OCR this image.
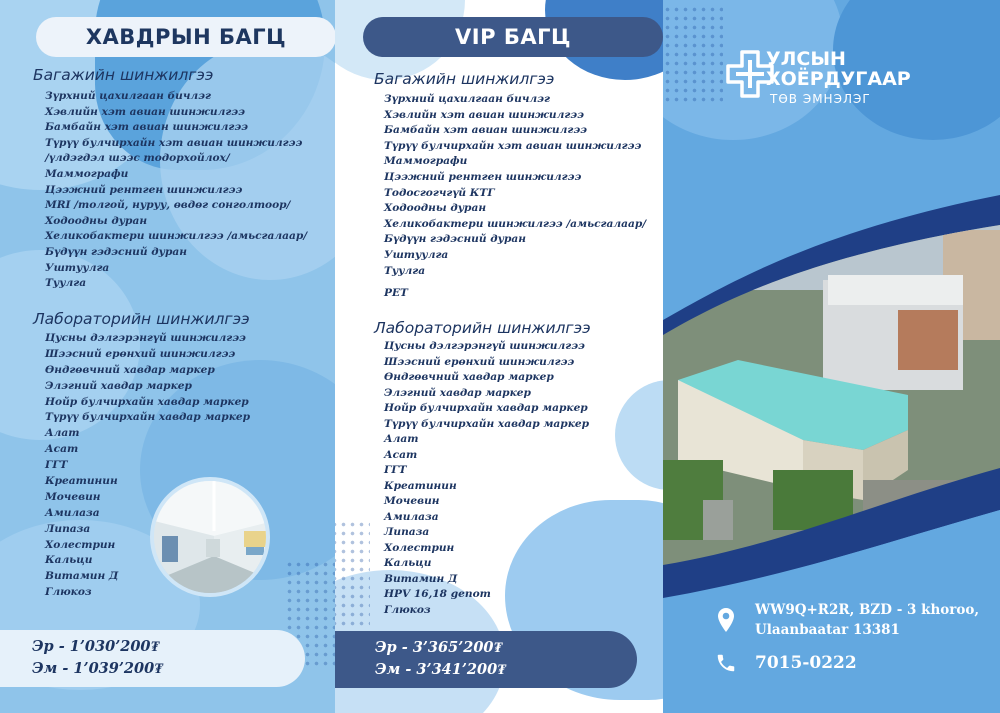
ХАВДРЫН БАГЦ
Багажийн шинжилгээ
Зүрхний цахилгаан бичлэг
Хэвлийн хэт авиан шинжилгээ
Бамбайн хэт авиан шинжилгээ
Түрүү булчирхайн хэт авиан шинжилгээ
/үлдэгдэл шээс тодорхойлох/
Маммографи
Цээжний рентген шинжилгээ
MRI /толгой, нуруу, өвдөг сонголтоор/
Ходоодны дуран
Хеликобактери шинжилгээ /амьсгалаар/
Бүдүүн гэдэсний дуран
Уштуулга
Туулга
Лабораторийн шинжилгээ
Цусны дэлгэрэнгүй шинжилгээ
Шээсний ерөнхий шинжилгээ
Өндгөвчний хавдар маркер
Элэгний хавдар маркер
Нойр булчирхайн хавдар маркер
Түрүү булчирхайн хавдар маркер
Алат
Асат
ГГТ
Креатинин
Мочевин
Амилаза
Липаза
Холестрин
Кальци
Витамин Д
Глюкоз
Эр - 1’030’200₮
Эм - 1’039’200₮
VIP БАГЦ
Багажийн шинжилгээ
Зүрхний цахилгаан бичлэг
Хэвлийн хэт авиан шинжилгээ
Бамбайн хэт авиан шинжилгээ
Түрүү булчирхайн хэт авиан шинжилгээ
Маммографи
Цээжний рентген шинжилгээ
Тодосгогчгүй КТГ
Ходоодны дуран
Хеликобактери шинжилгээ /амьсгалаар/
Бүдүүн гэдэсний дуран
Уштуулга
Туулга
PET
Лабораторийн шинжилгээ
Цусны дэлгэрэнгүй шинжилгээ
Шээсний ерөнхий шинжилгээ
Өндгөвчний хавдар маркер
Элэгний хавдар маркер
Нойр булчирхайн хавдар маркер
Түрүү булчирхайн хавдар маркер
Алат
Асат
ГГТ
Креатинин
Мочевин
Амилаза
Липаза
Холестрин
Кальци
Витамин Д
HPV 16,18 genom
Глюкоз
Эр - 3’365’200₮
Эм - 3’341’200₮
УЛСЫН
ХОЁРДУГААР
ТӨВ ЭМНЭЛЭГ
WW9Q+R2R, BZD - 3 khoroo,
Ulaanbaatar 13381
7015-0222
